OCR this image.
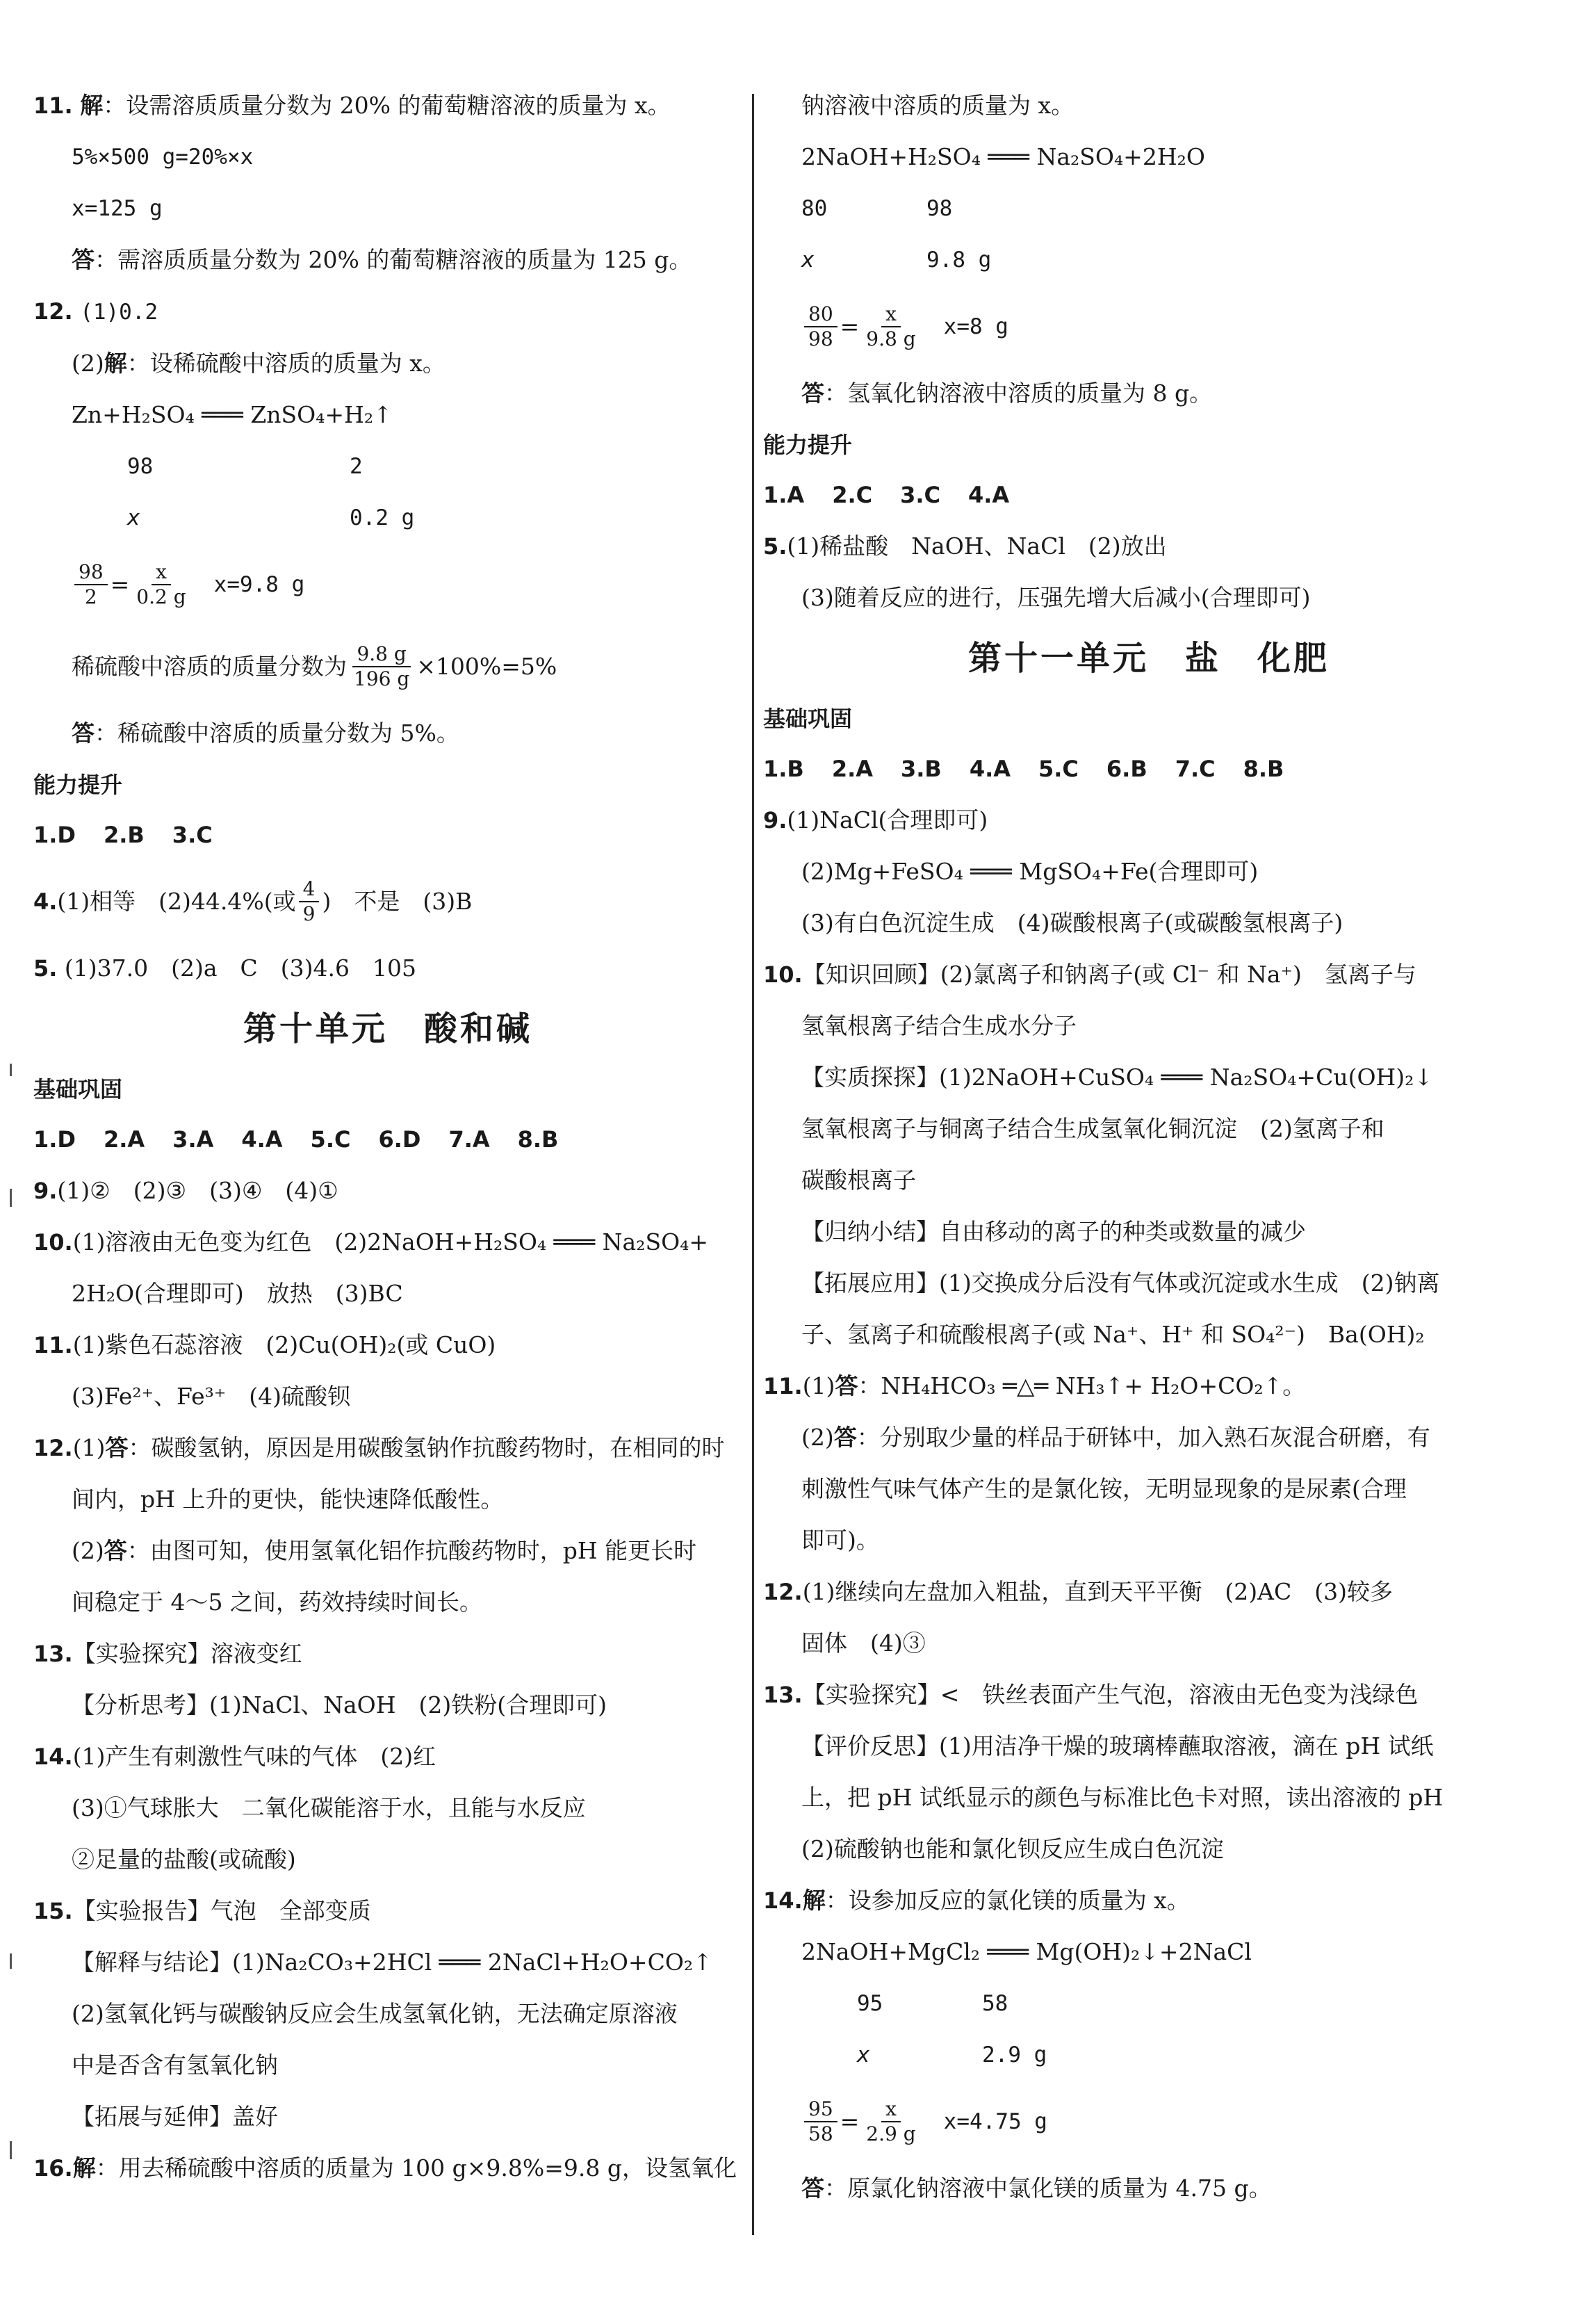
11. 解：设需溶质质量分数为 20% 的葡萄糖溶液的质量为 x。
5%×500 g=20%×x
x=125 g
答：需溶质质量分数为 20% 的葡萄糖溶液的质量为 125 g。
12. (1)0.2
(2)解：设稀硫酸中溶质的质量为 x。
Zn+H₂SO₄ ═══ ZnSO₄+H₂↑
98	2
x	0.2 g
$\frac{98}{2} = \frac{x}{0.2 g} x=9.8$ g
稀硫酸中溶质的质量分数为 $\frac{9.8 g}{196 g} \times 100\%=5\%$
答：稀硫酸中溶质的质量分数为 5%。
能力提升
1.D 2.B 3.C
4. (1)相等　(2)44.4%(或 $\frac{4}{9}$ )　不是　(3)B
5. (1)37.0　(2)a　C　(3)4.6　105
第十单元　酸和碱
基础巩固
1.D 2.A 3.A 4.A 5.C 6.D 7.A 8.B
9.(1)②　(2)③　(3)④　(4)①
10.(1)溶液由无色变为红色　(2)2NaOH+H₂SO₄ ═══ Na₂SO₄+
2H₂O(合理即可)　放热　(3)BC
11.(1)紫色石蕊溶液　(2)Cu(OH)₂(或 CuO)
(3)Fe²⁺、Fe³⁺　(4)硫酸钡
12.(1)答：碳酸氢钠，原因是用碳酸氢钠作抗酸药物时，在相同的时
间内，pH 上升的更快，能快速降低酸性。
(2)答：由图可知，使用氢氧化铝作抗酸药物时，pH 能更长时
间稳定于 4～5 之间，药效持续时间长。
13.【实验探究】溶液变红
【分析思考】(1)NaCl、NaOH　(2)铁粉(合理即可)
14.(1)产生有刺激性气味的气体　(2)红
(3)①气球胀大　二氧化碳能溶于水，且能与水反应
②足量的盐酸(或硫酸)
15.【实验报告】气泡　全部变质
【解释与结论】(1)Na₂CO₃+2HCl ═══ 2NaCl+H₂O+CO₂↑
(2)氢氧化钙与碳酸钠反应会生成氢氧化钠，无法确定原溶液
中是否含有氢氧化钠
【拓展与延伸】盖好
16.解：用去稀硫酸中溶质的质量为 100 g×9.8%=9.8 g，设氢氧化
钠溶液中溶质的质量为 x。
2NaOH+H₂SO₄ ═══ Na₂SO₄+2H₂O
80	98
x	9.8 g
$\frac{80}{98} = \frac{x}{9.8 g} x=8$ g
答：氢氧化钠溶液中溶质的质量为 8 g。
能力提升
1.A 2.C 3.C 4.A
5.(1)稀盐酸　NaOH、NaCl　(2)放出
(3)随着反应的进行，压强先增大后减小(合理即可)
第十一单元　盐　化肥
基础巩固
1.B 2.A 3.B 4.A 5.C 6.B 7.C 8.B
9.(1)NaCl(合理即可)
(2)Mg+FeSO₄ ═══ MgSO₄+Fe(合理即可)
(3)有白色沉淀生成　(4)碳酸根离子(或碳酸氢根离子)
10.【知识回顾】(2)氯离子和钠离子(或 Cl⁻ 和 Na⁺)　氢离子与
氢氧根离子结合生成水分子
【实质探探】(1)2NaOH+CuSO₄ ═══ Na₂SO₄+Cu(OH)₂↓
氢氧根离子与铜离子结合生成氢氧化铜沉淀　(2)氢离子和
碳酸根离子
【归纳小结】自由移动的离子的种类或数量的减少
【拓展应用】(1)交换成分后没有气体或沉淀或水生成　(2)钠离
子、氢离子和硫酸根离子(或 Na⁺、H⁺ 和 SO₄²⁻)　Ba(OH)₂
11.(1)答：NH₄HCO₃ ═△═ NH₃↑+ H₂O+CO₂↑。
(2)答：分别取少量的样品于研钵中，加入熟石灰混合研磨，有
刺激性气味气体产生的是氯化铵，无明显现象的是尿素(合理
即可)。
12.(1)继续向左盘加入粗盐，直到天平平衡　(2)AC　(3)较多
固体　(4)③
13.【实验探究】<　铁丝表面产生气泡，溶液由无色变为浅绿色
【评价反思】(1)用洁净干燥的玻璃棒蘸取溶液，滴在 pH 试纸
上，把 pH 试纸显示的颜色与标准比色卡对照，读出溶液的 pH
(2)硫酸钠也能和氯化钡反应生成白色沉淀
14.解：设参加反应的氯化镁的质量为 x。
2NaOH+MgCl₂ ═══ Mg(OH)₂↓+2NaCl
95	58
x	2.9 g
$\frac{95}{58} = \frac{x}{2.9 g} x=4.75$ g
答：原氯化钠溶液中氯化镁的质量为 4.75 g。
